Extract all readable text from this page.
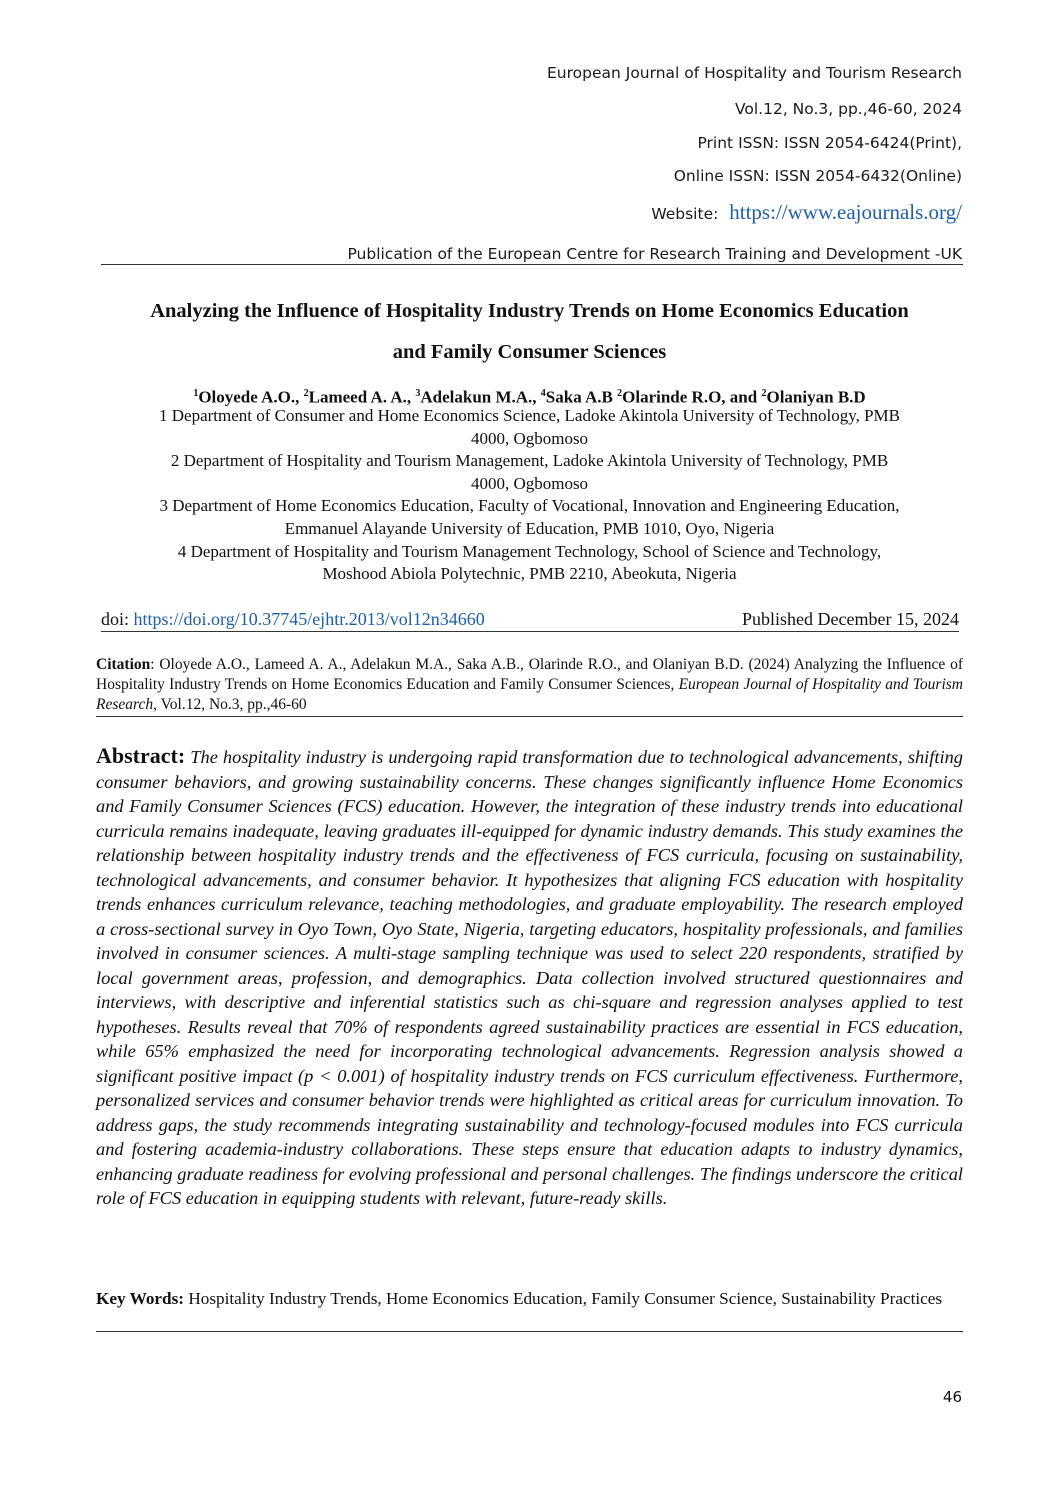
European Journal of Hospitality and Tourism Research
Vol.12, No.3, pp.,46-60, 2024
Print ISSN: ISSN 2054-6424(Print),
Online ISSN: ISSN 2054-6432(Online)
Website: https://www.eajournals.org/
Publication of the European Centre for Research Training and Development -UK
Analyzing the Influence of Hospitality Industry Trends on Home Economics Education
and Family Consumer Sciences
$^1$Oloyede A.O., $^2$Lameed A. A., $^3$Adelakun M.A., $^4$Saka A.B $^2$Olarinde R.O, and $^2$Olaniyan B.D
1 Department of Consumer and Home Economics Science, Ladoke Akintola University of Technology, PMB
4000, Ogbomoso
2 Department of Hospitality and Tourism Management, Ladoke Akintola University of Technology, PMB
4000, Ogbomoso
3 Department of Home Economics Education, Faculty of Vocational, Innovation and Engineering Education,
Emmanuel Alayande University of Education, PMB 1010, Oyo, Nigeria
4 Department of Hospitality and Tourism Management Technology, School of Science and Technology,
Moshood Abiola Polytechnic, PMB 2210, Abeokuta, Nigeria
doi: https://doi.org/10.37745/ejhtr.2013/vol12n34660	Published December 15, 2024
Citation: Oloyede A.O., Lameed A. A., Adelakun M.A., Saka A.B., Olarinde R.O., and Olaniyan B.D. (2024) Analyzing the Influence of Hospitality Industry Trends on Home Economics Education and Family Consumer Sciences, European Journal of Hospitality and Tourism Research, Vol.12, No.3, pp.,46-60
Abstract: The hospitality industry is undergoing rapid transformation due to technological advancements, shifting consumer behaviors, and growing sustainability concerns. These changes significantly influence Home Economics and Family Consumer Sciences (FCS) education. However, the integration of these industry trends into educational curricula remains inadequate, leaving graduates ill-equipped for dynamic industry demands. This study examines the relationship between hospitality industry trends and the effectiveness of FCS curricula, focusing on sustainability, technological advancements, and consumer behavior. It hypothesizes that aligning FCS education with hospitality trends enhances curriculum relevance, teaching methodologies, and graduate employability. The research employed a cross-sectional survey in Oyo Town, Oyo State, Nigeria, targeting educators, hospitality professionals, and families involved in consumer sciences. A multi-stage sampling technique was used to select 220 respondents, stratified by local government areas, profession, and demographics. Data collection involved structured questionnaires and interviews, with descriptive and inferential statistics such as chi-square and regression analyses applied to test hypotheses. Results reveal that 70% of respondents agreed sustainability practices are essential in FCS education, while 65% emphasized the need for incorporating technological advancements. Regression analysis showed a significant positive impact (p < 0.001) of hospitality industry trends on FCS curriculum effectiveness. Furthermore, personalized services and consumer behavior trends were highlighted as critical areas for curriculum innovation. To address gaps, the study recommends integrating sustainability and technology-focused modules into FCS curricula and fostering academia-industry collaborations. These steps ensure that education adapts to industry dynamics, enhancing graduate readiness for evolving professional and personal challenges. The findings underscore the critical role of FCS education in equipping students with relevant, future-ready skills.
Key Words: Hospitality Industry Trends, Home Economics Education, Family Consumer Science, Sustainability Practices
46
